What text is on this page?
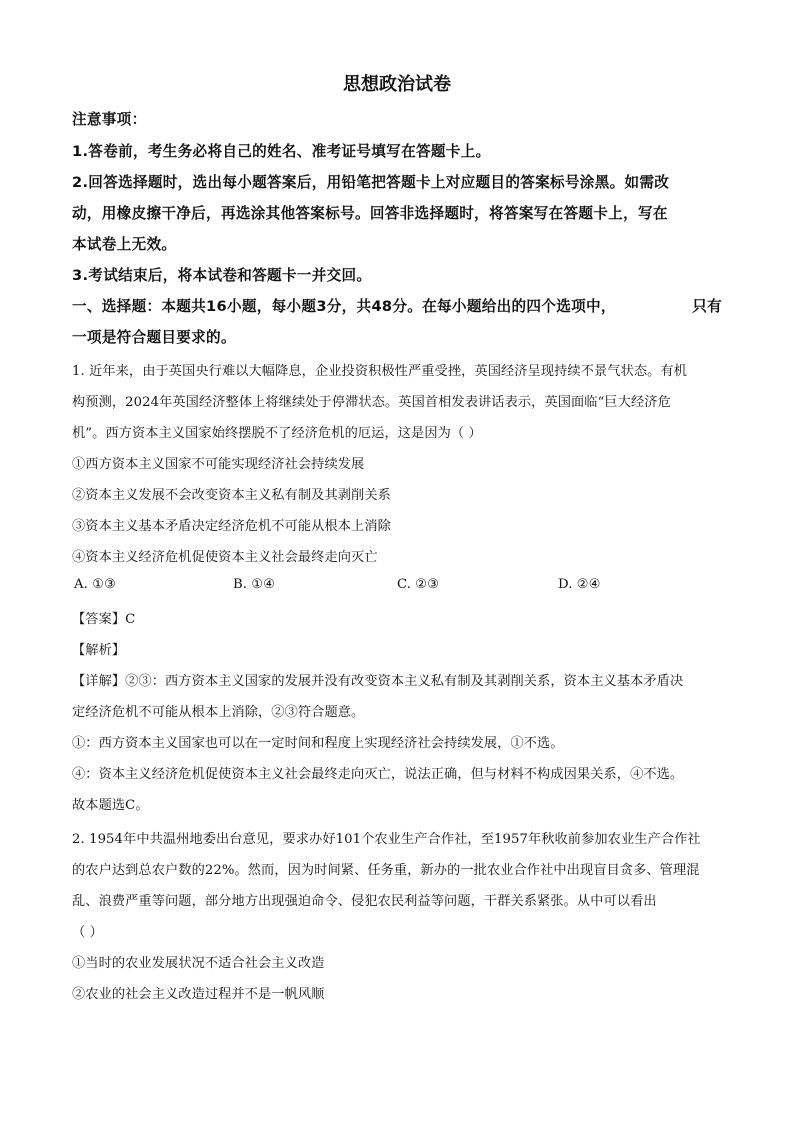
思想政治试卷
注意事项：
1.答卷前，考生务必将自己的姓名、准考证号填写在答题卡上。
2.回答选择题时，选出每小题答案后，用铅笔把答题卡上对应题目的答案标号涂黑。如需改
动，用橡皮擦干净后，再选涂其他答案标号。回答非选择题时，将答案写在答题卡上，写在
本试卷上无效。
3.考试结束后，将本试卷和答题卡一并交回。
一、选择题：本题共16小题，每小题3分，共48分。在每小题给出的四个选项中，	只有
一项是符合题目要求的。
1. 近年来，由于英国央行难以大幅降息，企业投资积极性严重受挫，英国经济呈现持续不景气状态。有机
构预测，2024年英国经济整体上将继续处于停滞状态。英国首相发表讲话表示，英国面临“巨大经济危
机”。西方资本主义国家始终摆脱不了经济危机的厄运，这是因为（ ）
①西方资本主义国家不可能实现经济社会持续发展
②资本主义发展不会改变资本主义私有制及其剥削关系
③资本主义基本矛盾决定经济危机不可能从根本上消除
④资本主义经济危机促使资本主义社会最终走向灭亡
A. ①③	B. ①④	C. ②③	D. ②④
【答案】C
【解析】
【详解】②③：西方资本主义国家的发展并没有改变资本主义私有制及其剥削关系，资本主义基本矛盾决
定经济危机不可能从根本上消除，②③符合题意。
①：西方资本主义国家也可以在一定时间和程度上实现经济社会持续发展，①不选。
④：资本主义经济危机促使资本主义社会最终走向灭亡，说法正确，但与材料不构成因果关系，④不选。
故本题选C。
2. 1954年中共温州地委出台意见，要求办好101个农业生产合作社，至1957年秋收前参加农业生产合作社
的农户达到总农户数的22%。然而，因为时间紧、任务重，新办的一批农业合作社中出现盲目贪多、管理混
乱、浪费严重等问题，部分地方出现强迫命令、侵犯农民利益等问题，干群关系紧张。从中可以看出
（ ）
①当时的农业发展状况不适合社会主义改造
②农业的社会主义改造过程并不是一帆风顺
